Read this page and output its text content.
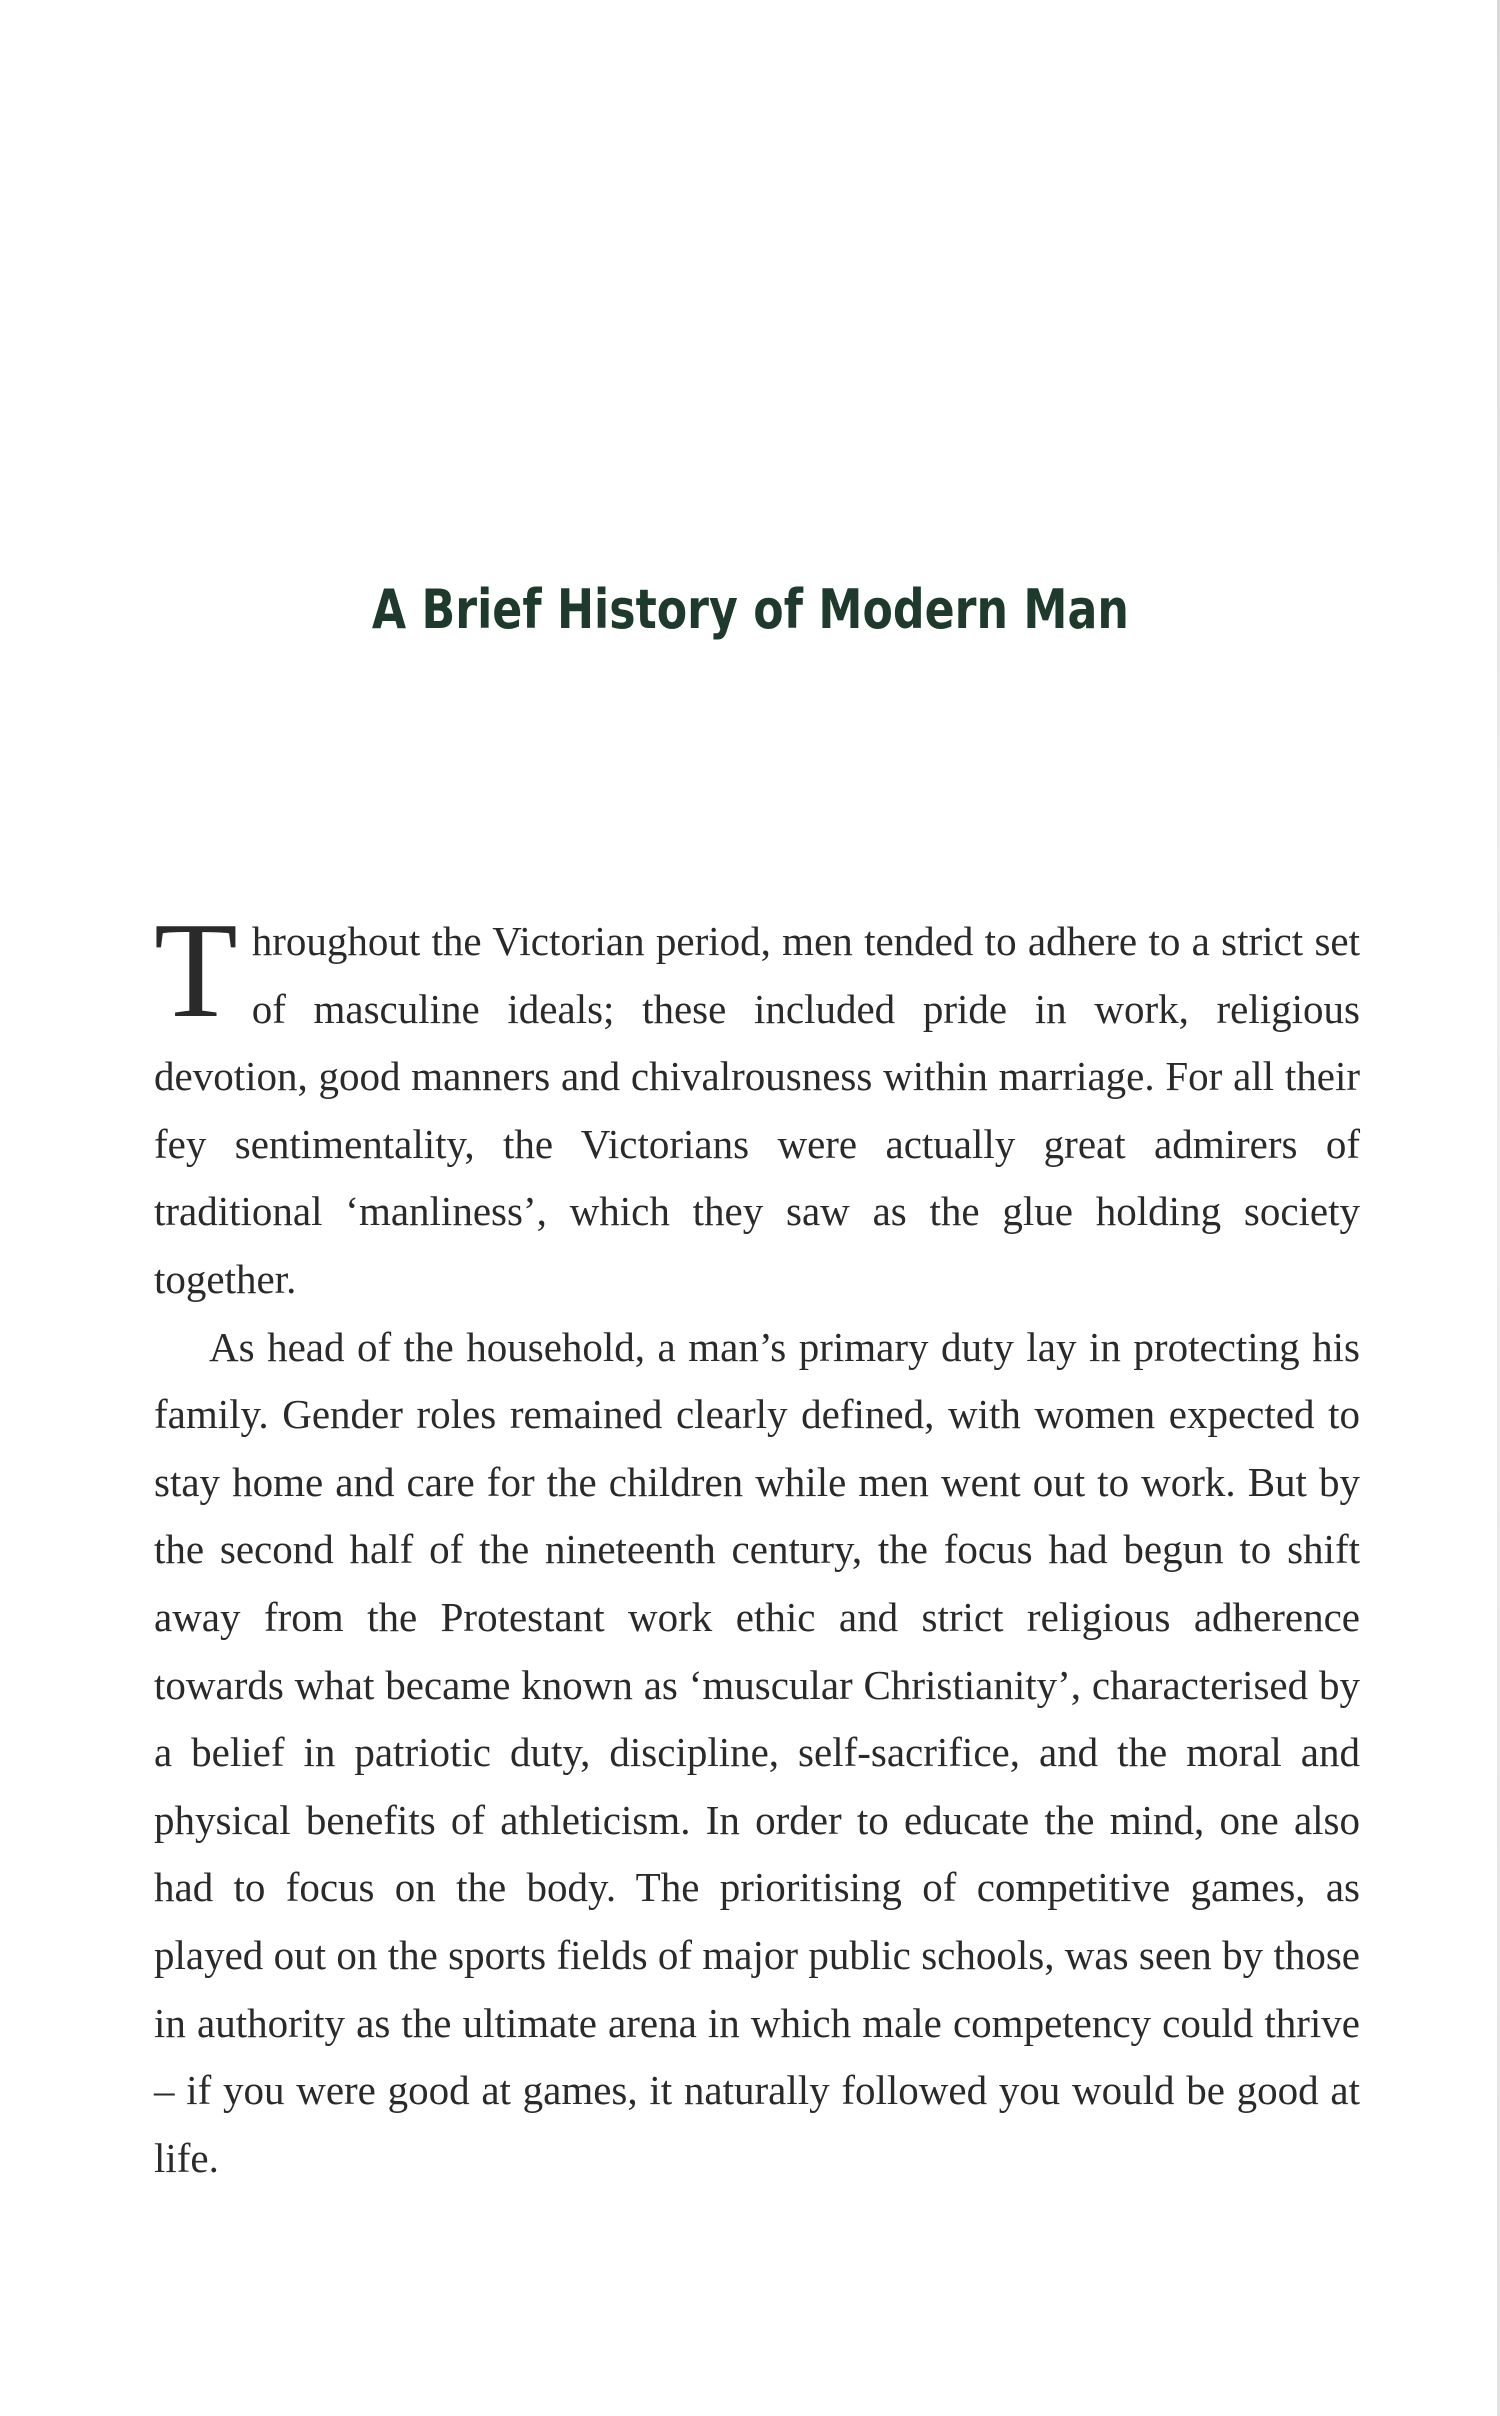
A Brief History of Modern Man

Throughout the Victorian period, men tended to adhere to a strict set of masculine ideals; these included pride in work, religious devotion, good manners and chivalrousness within marriage. For all their fey sentimentality, the Victorians were actually great admirers of traditional ‘manliness’, which they saw as the glue holding society together.

As head of the household, a man’s primary duty lay in protecting his family. Gender roles remained clearly defined, with women expected to stay home and care for the children while men went out to work. But by the second half of the nineteenth century, the focus had begun to shift away from the Protestant work ethic and strict religious adherence towards what became known as ‘muscular Christianity’, characterised by a belief in patriotic duty, discipline, self-sacrifice, and the moral and physical benefits of athleticism. In order to educate the mind, one also had to focus on the body. The prioritising of competitive games, as played out on the sports fields of major public schools, was seen by those in authority as the ultimate arena in which male competency could thrive – if you were good at games, it naturally followed you would be good at life.
